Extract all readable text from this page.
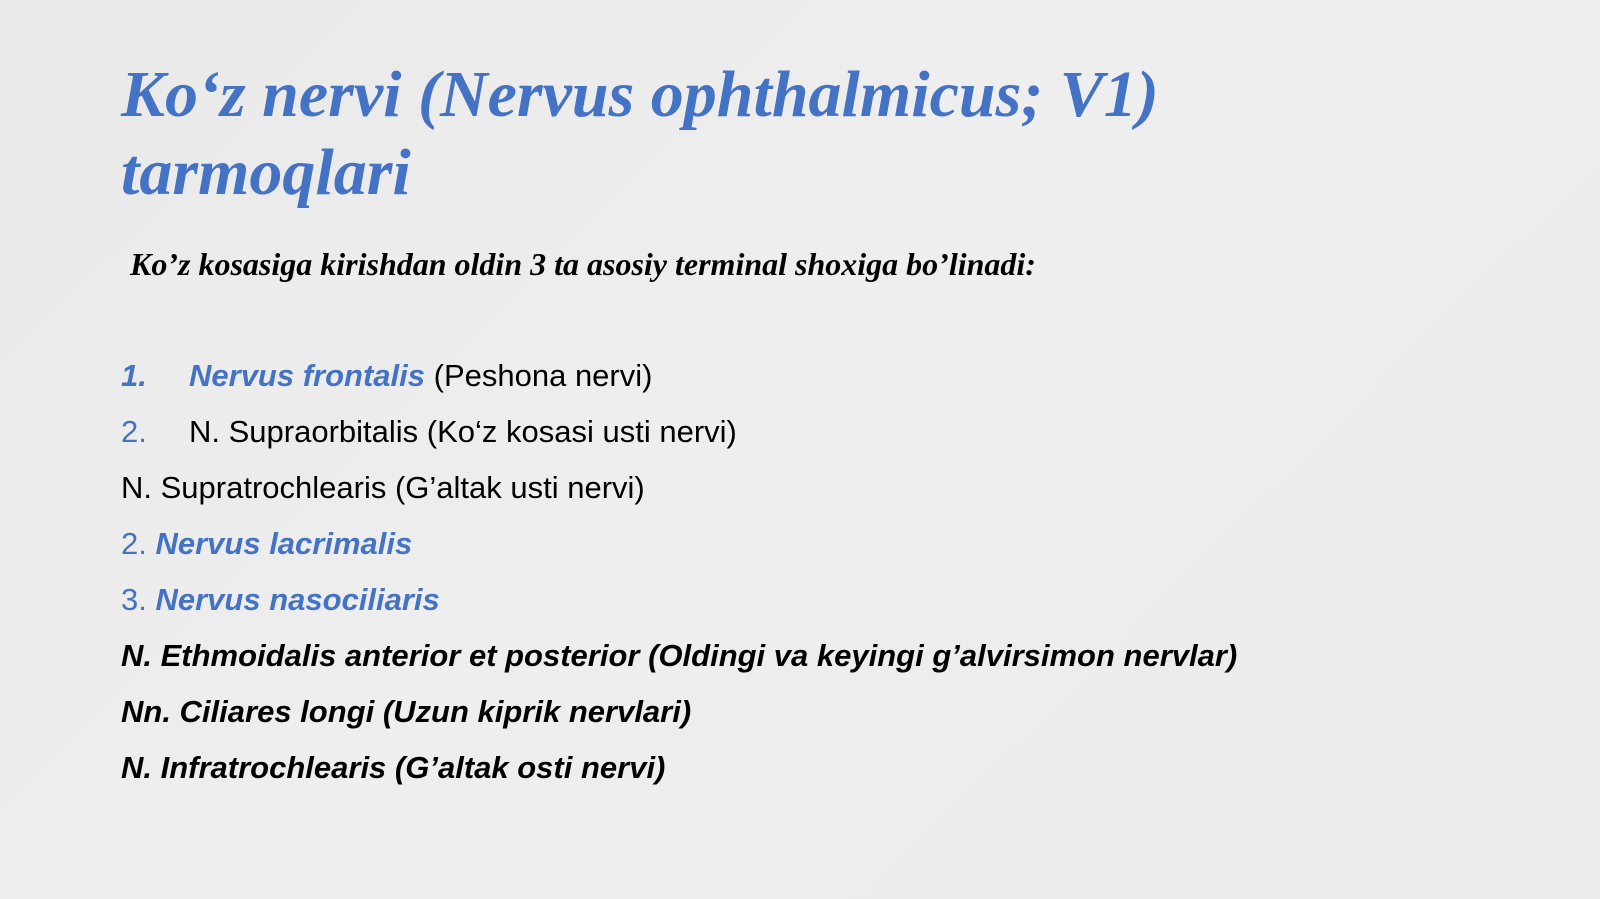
Ko‘z nervi (Nervus ophthalmicus; V1)
tarmoqlari

Ko’z kosasiga kirishdan oldin 3 ta asosiy terminal shoxiga bo’linadi:

1. Nervus frontalis (Peshona nervi)
2. N. Supraorbitalis (Ko‘z kosasi usti nervi)
N. Supratrochlearis (G’altak usti nervi)
2. Nervus lacrimalis
3. Nervus nasociliaris
N. Ethmoidalis anterior et posterior (Oldingi va keyingi g’alvirsimon nervlar)
Nn. Ciliares longi (Uzun kiprik nervlari)
N. Infratrochlearis (G’altak osti nervi)
